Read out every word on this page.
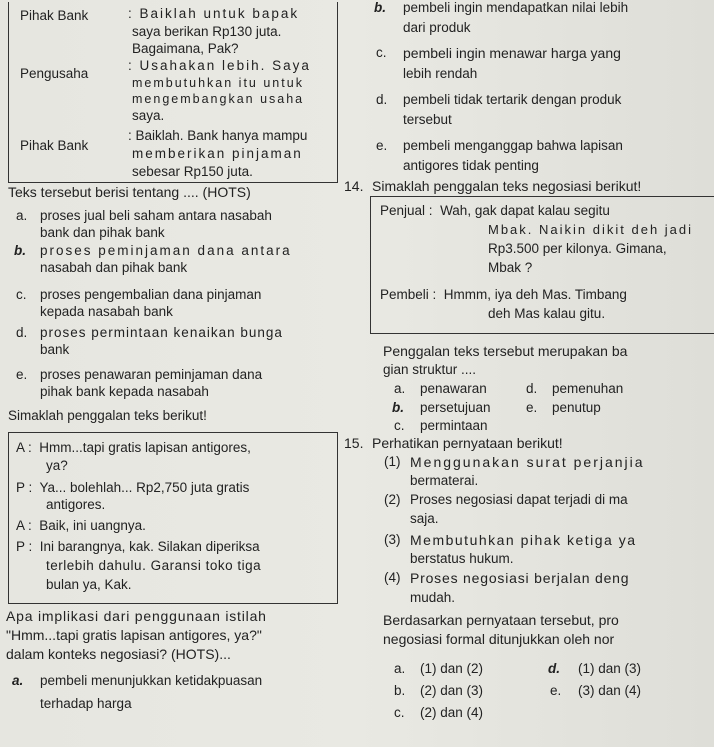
Pihak Bank	: Baiklah untuk bapak
saya berikan Rp130 juta.
Bagaimana, Pak?
Pengusaha
: Usahakan lebih. Saya
membutuhkan itu untuk
mengembangkan usaha
saya.
Pihak Bank
: Baiklah. Bank hanya mampu
memberikan pinjaman
sebesar Rp150 juta.
Teks tersebut berisi tentang .... (HOTS)
a. proses jual beli saham antara nasabah
bank dan pihak bank
b. proses peminjaman dana antara
nasabah dan pihak bank
c. proses pengembalian dana pinjaman
kepada nasabah bank
d. proses permintaan kenaikan bunga
bank
e. proses penawaran peminjaman dana
pihak bank kepada nasabah
Simaklah penggalan teks berikut!
A :  Hmm...tapi gratis lapisan antigores,
ya?
P :  Ya... bolehlah... Rp2,750 juta gratis
antigores.
A :  Baik, ini uangnya.
P :  Ini barangnya, kak. Silakan diperiksa
terlebih dahulu. Garansi toko tiga
bulan ya, Kak.
Apa implikasi dari penggunaan istilah
"Hmm...tapi gratis lapisan antigores, ya?"
dalam konteks negosiasi? (HOTS)...
a. pembeli menunjukkan ketidakpuasan
terhadap harga
b. pembeli ingin mendapatkan nilai lebih
dari produk
c. pembeli ingin menawar harga yang
lebih rendah
d. pembeli tidak tertarik dengan produk
tersebut
e. pembeli menganggap bahwa lapisan
antigores tidak penting
14. Simaklah penggalan teks negosiasi berikut!
Penjual :  Wah, gak dapat kalau segitu
Mbak. Naikin dikit deh jadi
Rp3.500 per kilonya. Gimana,
Mbak ?
Pembeli :  Hmmm, iya deh Mas. Timbang
deh Mas kalau gitu.
Penggalan teks tersebut merupakan ba
gian struktur ....
a. penawaran	d. pemenuhan
b. persetujuan	e. penutup
c. permintaan
15. Perhatikan pernyataan berikut!
(1) Menggunakan surat perjanjia
bermaterai.
(2) Proses negosiasi dapat terjadi di ma
saja.
(3) Membutuhkan pihak ketiga ya
berstatus hukum.
(4) Proses negosiasi berjalan deng
mudah.
Berdasarkan pernyataan tersebut, pro
negosiasi formal ditunjukkan oleh nor
a. (1) dan (2)	d. (1) dan (3)
b. (2) dan (3)	e. (3) dan (4)
c. (2) dan (4)
